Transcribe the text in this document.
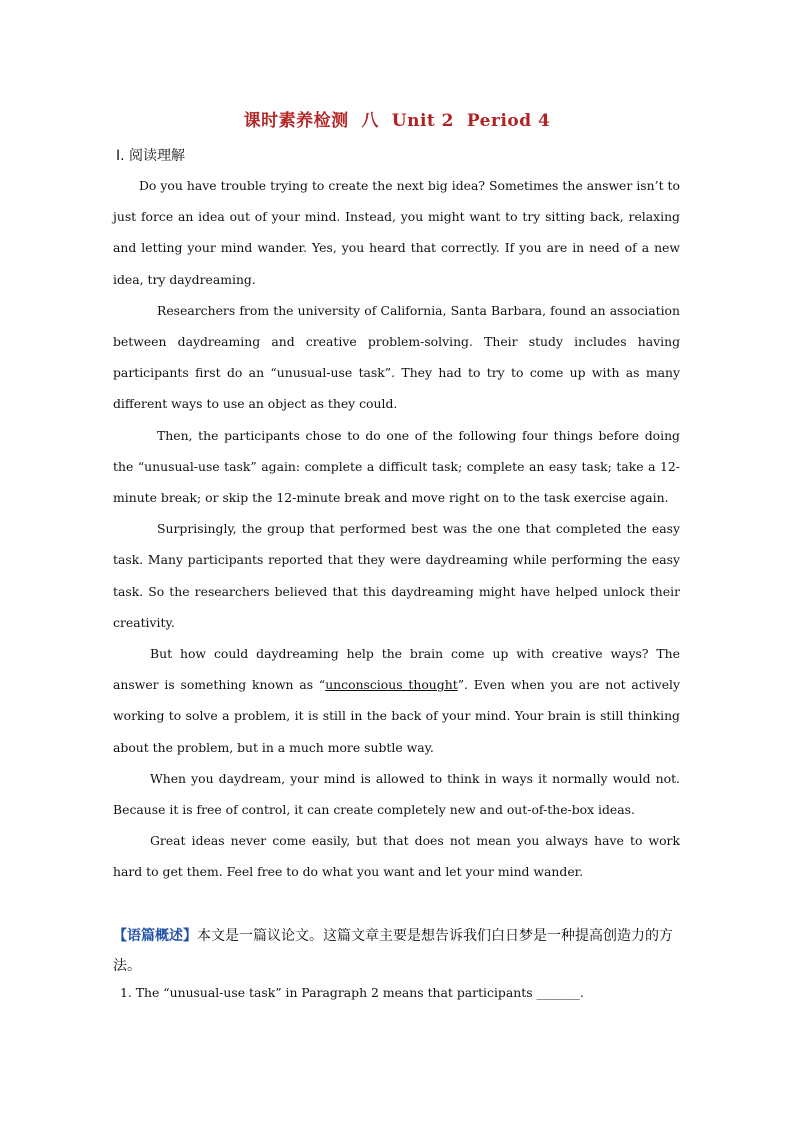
课时素养检测  八  Unit 2  Period 4
Ⅰ. 阅读理解

Do you have trouble trying to create the next big idea? Sometimes the answer isn’t to just force an idea out of your mind. Instead, you might want to try sitting back, relaxing and letting your mind wander. Yes, you heard that correctly. If you are in need of a new idea, try daydreaming.

Researchers from the university of California, Santa Barbara, found an association between daydreaming and creative problem-solving. Their study includes having participants first do an “unusual-use task”. They had to try to come up with as many different ways to use an object as they could.

Then, the participants chose to do one of the following four things before doing the “unusual-use task” again: complete a difficult task; complete an easy task; take a 12-minute break; or skip the 12-minute break and move right on to the task exercise again.

Surprisingly, the group that performed best was the one that completed the easy task. Many participants reported that they were daydreaming while performing the easy task. So the researchers believed that this daydreaming might have helped unlock their creativity.

But how could daydreaming help the brain come up with creative ways? The answer is something known as “unconscious thought”. Even when you are not actively working to solve a problem, it is still in the back of your mind. Your brain is still thinking about the problem, but in a much more subtle way.

When you daydream, your mind is allowed to think in ways it normally would not. Because it is free of control, it can create completely new and out-of-the-box ideas.

Great ideas never come easily, but that does not mean you always have to work hard to get them. Feel free to do what you want and let your mind wander.

【语篇概述】本文是一篇议论文。这篇文章主要是想告诉我们白日梦是一种提高创造力的方法。
1. The “unusual-use task” in Paragraph 2 means that participants _______.
